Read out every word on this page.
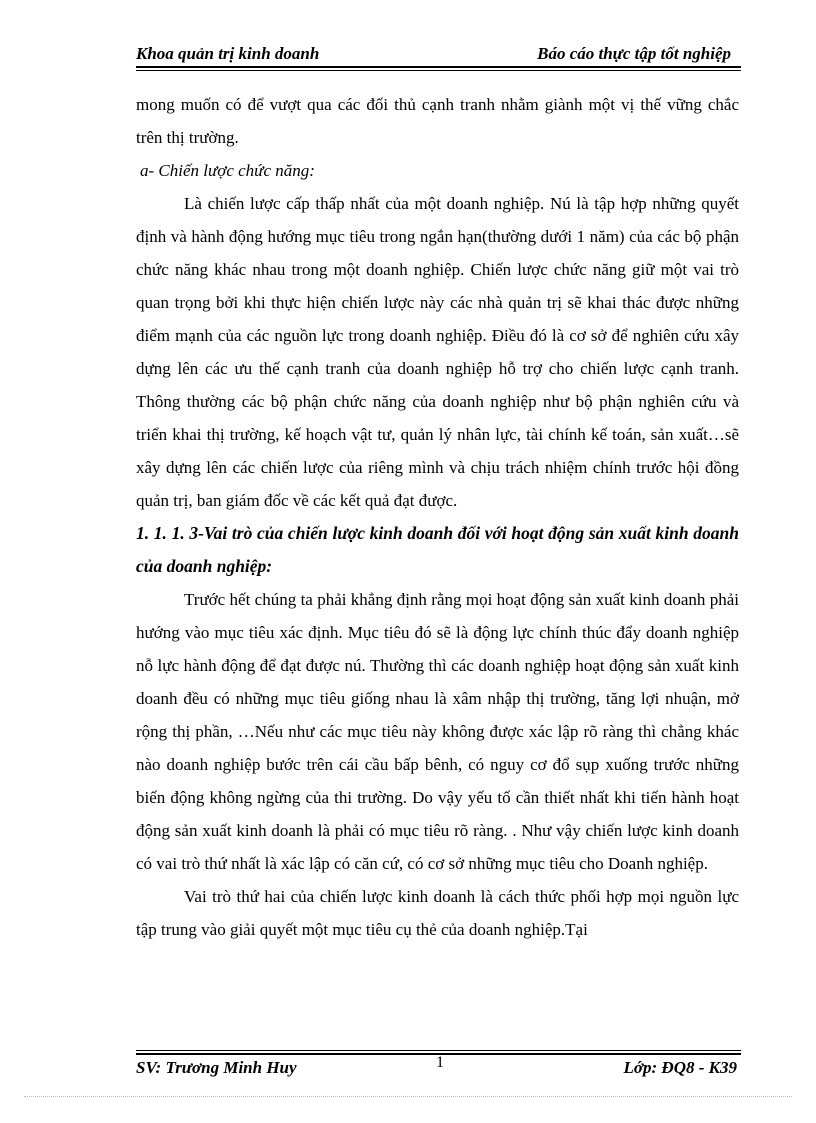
Khoa quản trị kinh doanh	Báo cáo thực tập tốt nghiệp

mong muốn có để vượt qua các đối thủ cạnh tranh nhằm giành một vị thế vững chắc trên thị trường.

a- Chiến lược chức năng:

Là chiến lược cấp thấp nhất của một doanh nghiệp. Nú là tập hợp những quyết định và hành động hướng mục tiêu trong ngắn hạn(thường dưới 1 năm) của các bộ phận chức năng khác nhau trong một doanh nghiệp. Chiến lược chức năng giữ một vai trò quan trọng bởi khi thực hiện chiến lược này các nhà quản trị sẽ khai thác được những điểm mạnh của các nguồn lực trong doanh nghiệp. Điều đó là cơ sở để nghiên cứu xây dựng lên các ưu thế cạnh tranh của doanh nghiệp hỗ trợ cho chiến lược cạnh tranh. Thông thường các bộ phận chức năng của doanh nghiệp như bộ phận nghiên cứu và triển khai thị trường, kế hoạch vật tư, quản lý nhân lực, tài chính kế toán, sản xuất…sẽ xây dựng lên các chiến lược của riêng mình và chịu trách nhiệm chính trước hội đồng quản trị, ban giám đốc về các kết quả đạt được.

1. 1. 1. 3-Vai trò của chiến lược kinh doanh đối với hoạt động sản xuất kinh doanh của doanh nghiệp:

Trước hết chúng ta phải khẳng định rằng mọi hoạt động sản xuất kinh doanh phải hướng vào mục tiêu xác định. Mục tiêu đó sẽ là động lực chính thúc đẩy doanh nghiệp nỗ lực hành động để đạt được nú. Thường thì các doanh nghiệp hoạt động sản xuất kinh doanh đều có những mục tiêu giống nhau là xâm nhập thị trường, tăng lợi nhuận, mở rộng thị phần, …Nếu như các mục tiêu này không được xác lập rõ ràng thì chẳng khác nào doanh nghiệp bước trên cái cầu bấp bênh, có nguy cơ đổ sụp xuống trước những biến động không ngừng của thi trường. Do vậy yếu tố cần thiết nhất khi tiến hành hoạt động sản xuất kinh doanh là phải có mục tiêu rõ ràng. . Như vậy chiến lược kinh doanh có vai trò thứ nhất là xác lập có căn cứ, có cơ sở những mục tiêu cho Doanh nghiệp.

Vai trò thứ hai của chiến lược kinh doanh là cách thức phối hợp mọi nguồn lực tập trung vào giải quyết một mục tiêu cụ thẻ của doanh nghiệp.Tại

SV: Trương Minh Huy	1	Lớp: ĐQ8 - K39
